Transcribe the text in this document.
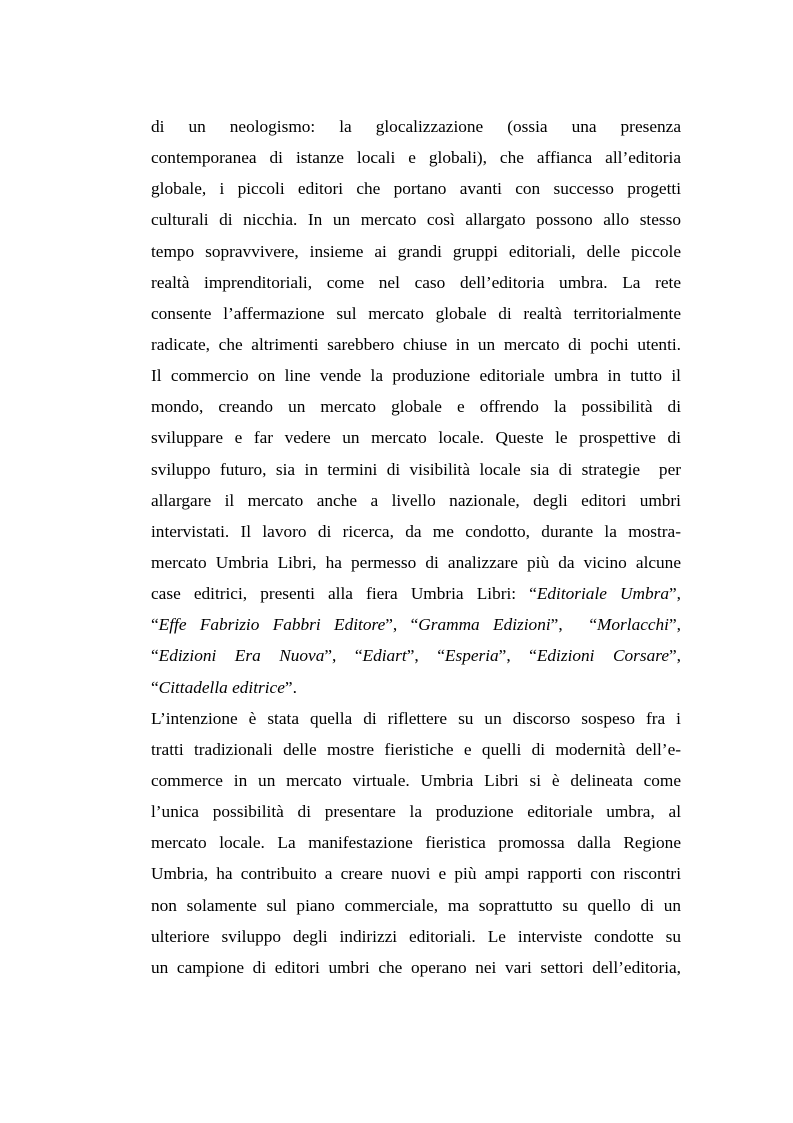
di un neologismo: la glocalizzazione (ossia una presenza
contemporanea di istanze locali e globali), che affianca all’editoria
globale, i piccoli editori che portano avanti con successo progetti
culturali di nicchia. In un mercato così allargato possono allo stesso
tempo sopravvivere, insieme ai grandi gruppi editoriali, delle piccole
realtà imprenditoriali, come nel caso dell’editoria umbra. La rete
consente l’affermazione sul mercato globale di realtà territorialmente
radicate, che altrimenti sarebbero chiuse in un mercato di pochi utenti.
Il commercio on line vende la produzione editoriale umbra in tutto il
mondo, creando un mercato globale e offrendo la possibilità di
sviluppare e far vedere un mercato locale. Queste le prospettive di
sviluppo futuro, sia in termini di visibilità locale sia di strategie  per
allargare il mercato anche a livello nazionale, degli editori umbri
intervistati. Il lavoro di ricerca, da me condotto, durante la mostra-
mercato Umbria Libri, ha permesso di analizzare più da vicino alcune
case editrici, presenti alla fiera Umbria Libri: “Editoriale Umbra”,
“Effe Fabrizio Fabbri Editore”, “Gramma Edizioni”,  “Morlacchi”,
“Edizioni Era Nuova”, “Ediart”, “Esperia”, “Edizioni Corsare”,
“Cittadella editrice”.
L’intenzione è stata quella di riflettere su un discorso sospeso fra i
tratti tradizionali delle mostre fieristiche e quelli di modernità dell’e-
commerce in un mercato virtuale. Umbria Libri si è delineata come
l’unica possibilità di presentare la produzione editoriale umbra, al
mercato locale. La manifestazione fieristica promossa dalla Regione
Umbria, ha contribuito a creare nuovi e più ampi rapporti con riscontri
non solamente sul piano commerciale, ma soprattutto su quello di un
ulteriore sviluppo degli indirizzi editoriali. Le interviste condotte su
un campione di editori umbri che operano nei vari settori dell’editoria,
